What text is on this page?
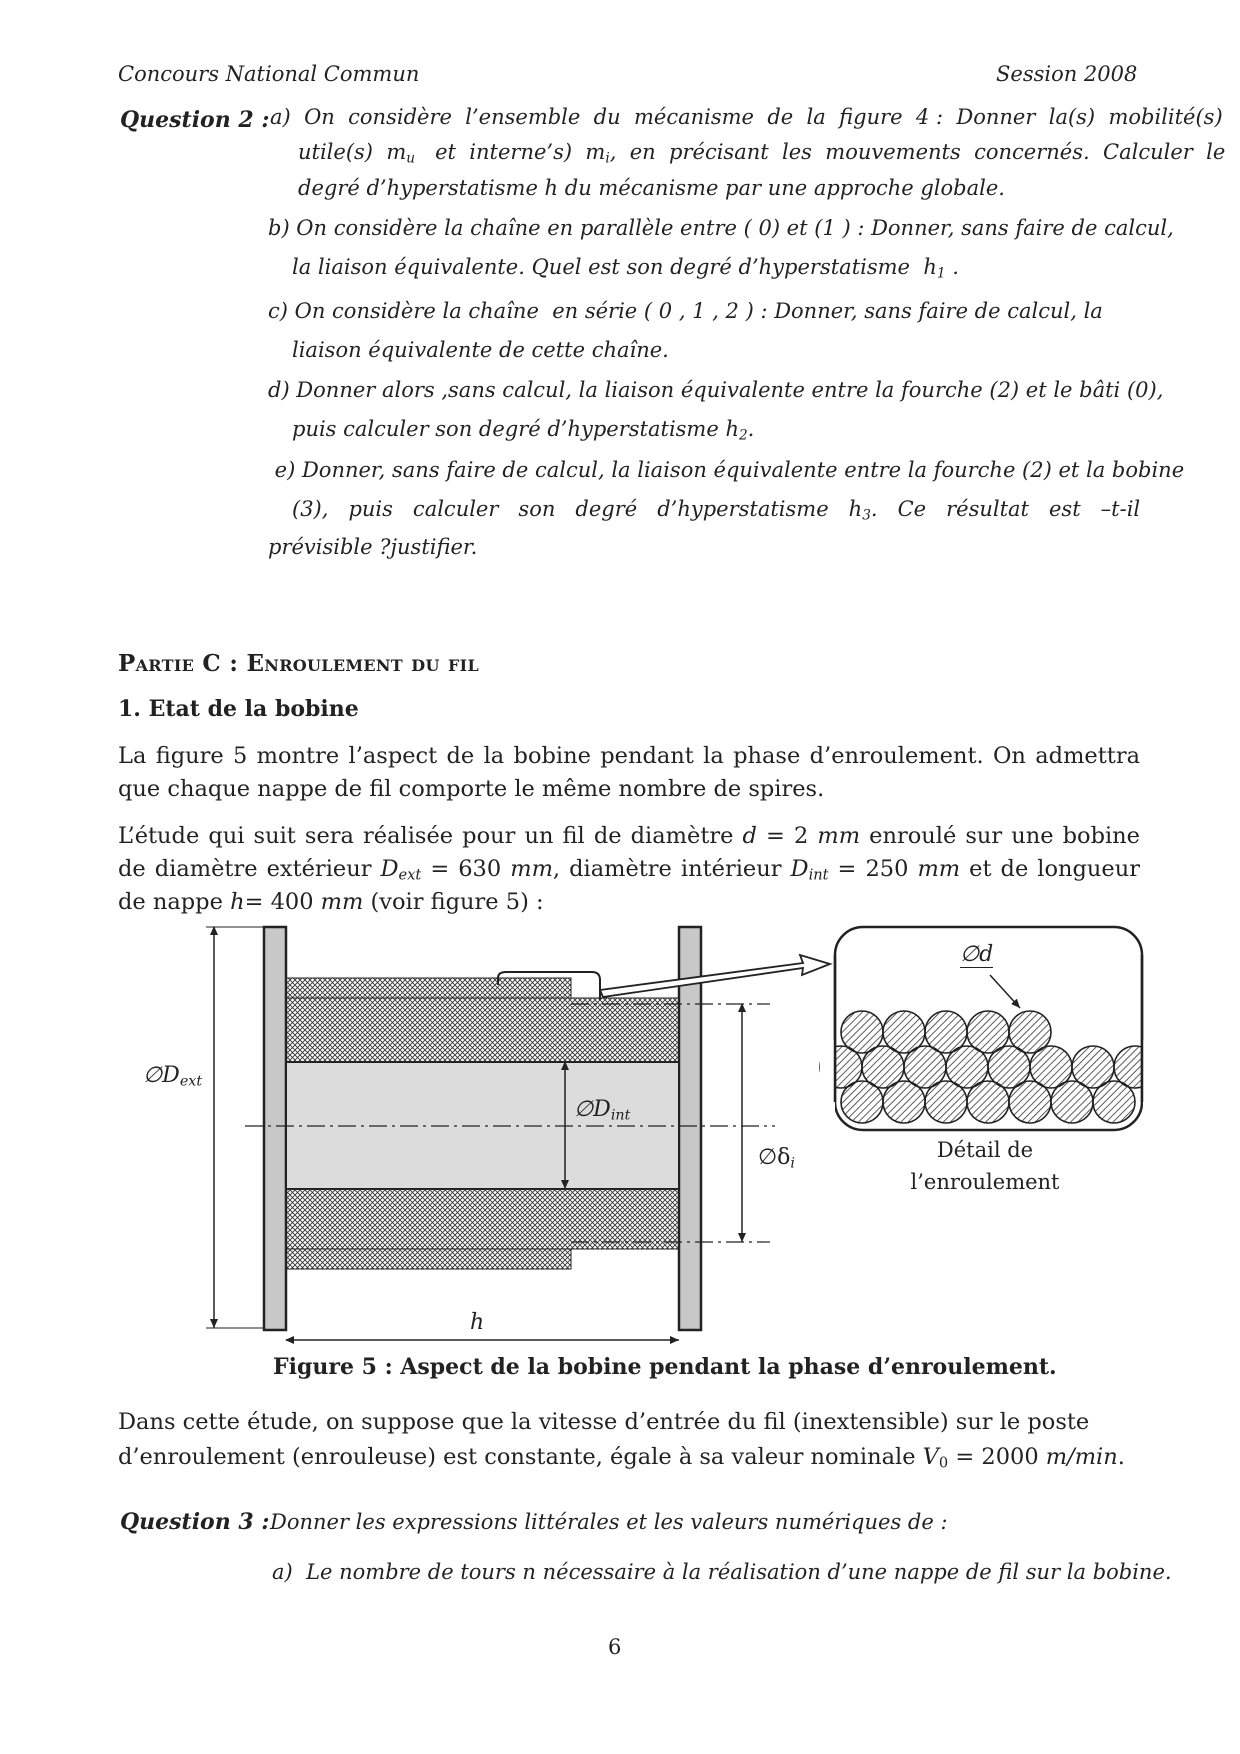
Concours National Commun	Session 2008
Question 2 : a)  On  considère  l’ensemble  du  mécanisme  de  la  figure  4 :  Donner  la(s)  mobilité(s)
utile(s)  $m_u$   et  interne’s)  $m_i$,  en  précisant  les  mouvements  concernés.  Calculer  le
degré d’hyperstatisme h du mécanisme par une approche globale.
b) On considère la chaîne en parallèle entre ( 0) et (1 ) : Donner, sans faire de calcul,
la liaison équivalente. Quel est son degré d’hyperstatisme  $h_1$ .
c) On considère la chaîne  en série ( 0 , 1 , 2 ) : Donner, sans faire de calcul, la
liaison équivalente de cette chaîne.
d) Donner alors ,sans calcul, la liaison équivalente entre la fourche (2) et le bâti (0),
puis calculer son degré d’hyperstatisme $h_2$.
e) Donner, sans faire de calcul, la liaison équivalente entre la fourche (2) et la bobine
(3),   puis   calculer   son   degré   d’hyperstatisme   $h_3$.   Ce   résultat   est   –t-il
prévisible ?justifier.
Partie C : Enroulement du fil
1. Etat de la bobine
La figure 5 montre l’aspect de la bobine pendant la phase d’enroulement. On admettra que chaque nappe de fil comporte le même nombre de spires.
L’étude qui suit sera réalisée pour un fil de diamètre d = 2 mm enroulé sur une bobine de diamètre extérieur $D_{ext} = 630$ mm, diamètre intérieur $D_{int} = 250$ mm et de longueur de nappe h= 400 mm (voir figure 5) :
$\emptyset D_{ext}$
$\emptyset D_{int}$
$\emptyset\delta_i$
h
∅d
Détail de
l’enroulement
Figure 5 : Aspect de la bobine pendant la phase d’enroulement.
Dans cette étude, on suppose que la vitesse d’entrée du fil (inextensible) sur le poste
d’enroulement (enrouleuse) est constante, égale à sa valeur nominale $V_0 = 2000$ m/min.
Question 3 : Donner les expressions littérales et les valeurs numériques de :
a)  Le nombre de tours n nécessaire à la réalisation d’une nappe de fil sur la bobine.
6
